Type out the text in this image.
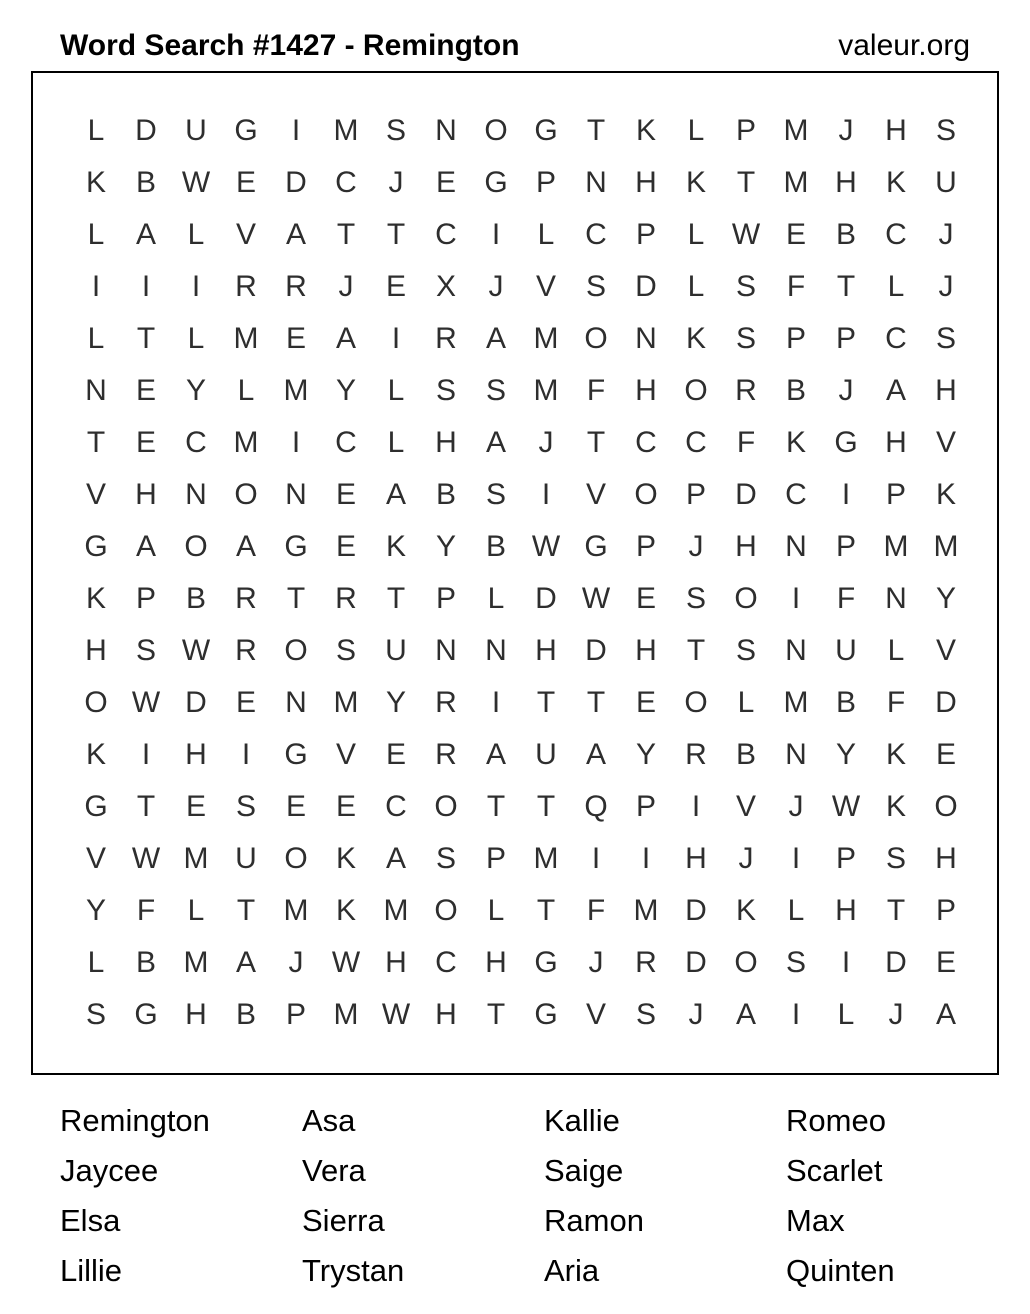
Word Search #1427 - Remington	valeur.org
L	D U G	I	M S N O G T	K	L	P M	J	H S
K B W E D C	J	E G P N H K	T M H K U
L	A	L	V A	T	T	C	I	L	C P	L W E B C	J
I	I	I	R R	J	E X	J	V S D	L	S	F	T	L	J
L	T	L M E A	I	R A M O N K S P P C S
N E Y	L M Y	L	S S M F	H O R B	J	A H
T	E C M	I	C	L	H A	J	T	C C	F	K G H V
V H N O N E A B S	I	V O P D C	I	P K
G A O A G E K Y B W G P	J	H N P M M
K P B R	T	R	T	P	L	D W E S O	I	F	N Y
H S W R O S U N N H D H	T	S N U	L	V
O W D E N M Y R	I	T	T	E O L M B	F	D
K	I	H	I	G V E R A U A Y R B N Y K E
G T	E S E E C O T	T Q P	I	V	J W K O
V W M U O K A S P M	I	I	H	J	I	P S H
Y	F	L	T M K M O L	T	F M D K	L	H	T	P
L	B M A	J W H C H G	J	R D O S	I	D E
S G H B P M W H	T G V S	J	A	I	L	J	A
Remington	Asa	Kallie	Romeo
Jaycee	Vera	Saige	Scarlet
Elsa	Sierra	Ramon	Max
Lillie	Trystan	Aria	Quinten
